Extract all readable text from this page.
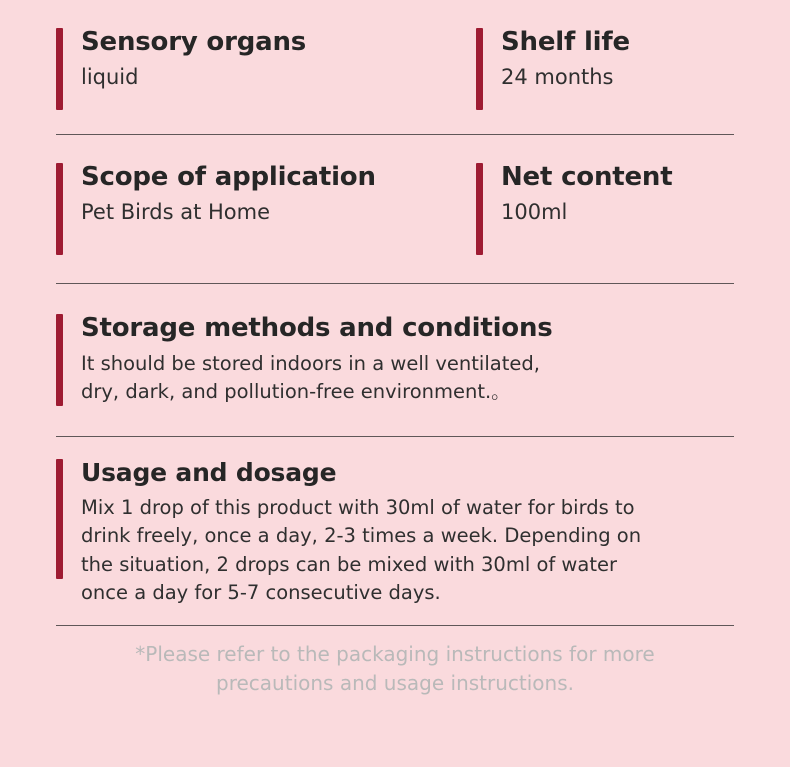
Sensory organs

liquid

Shelf life

24 months

Scope of application

Pet Birds at Home

Net content

100ml

Storage methods and conditions

It should be stored indoors in a well ventilated,

dry, dark, and pollution-free environment.。

Usage and dosage

Mix 1 drop of this product with 30ml of water for birds to

drink freely, once a day, 2-3 times a week. Depending on

the situation, 2 drops can be mixed with 30ml of water

once a day for 5-7 consecutive days.

*Please refer to the packaging instructions for more

precautions and usage instructions.
